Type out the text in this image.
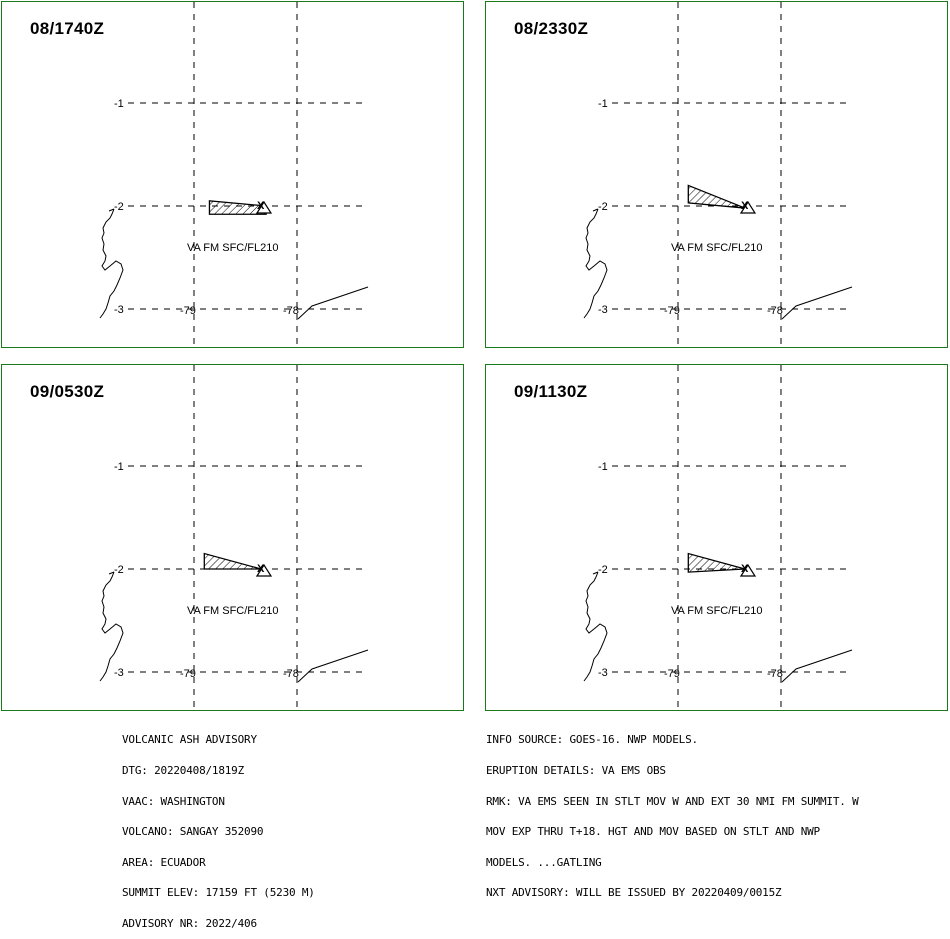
08/1740Z
-1
-2
-3	-79	-78
X
VA FM SFC/FL210
08/2330Z
-1
-2
-3	-79	-78
X
VA FM SFC/FL210
09/0530Z
-1
-2
-3	-79	-78
X
VA FM SFC/FL210
09/1130Z
-1
-2
-3	-79	-78
X
VA FM SFC/FL210

VOLCANIC ASH ADVISORY

DTG: 20220408/1819Z

VAAC: WASHINGTON

VOLCANO: SANGAY 352090

AREA: ECUADOR

SUMMIT ELEV: 17159 FT (5230 M)

ADVISORY NR: 2022/406

INFO SOURCE: GOES-16. NWP MODELS.

ERUPTION DETAILS: VA EMS OBS

RMK: VA EMS SEEN IN STLT MOV W AND EXT 30 NMI FM SUMMIT. W

MOV EXP THRU T+18. HGT AND MOV BASED ON STLT AND NWP

MODELS. ...GATLING

NXT ADVISORY: WILL BE ISSUED BY 20220409/0015Z
